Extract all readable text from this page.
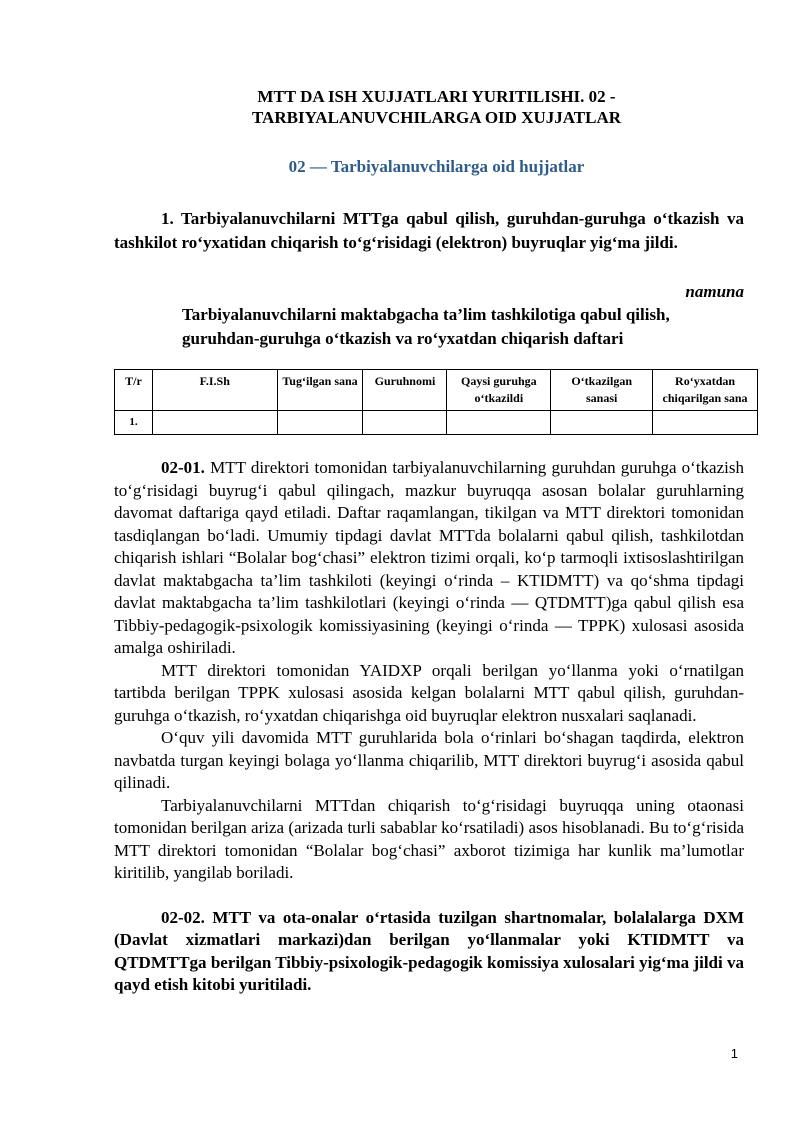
MTT DA ISH XUJJATLARI YURITILISHI. 02 -
TARBIYALANUVCHILARGA OID XUJJATLAR

02 — Tarbiyalanuvchilarga oid hujjatlar

1. Tarbiyalanuvchilarni MTTga qabul qilish, guruhdan-guruhga o‘tkazish va tashkilot ro‘yxatidan chiqarish to‘g‘risidagi (elektron) buyruqlar yig‘ma jildi.

namuna

Tarbiyalanuvchilarni maktabgacha ta’lim tashkilotiga qabul qilish,
guruhdan-guruhga o‘tkazish va ro‘yxatdan chiqarish daftari

T/r	F.I.Sh	Tug‘ilgan sana	Guruhnomi	Qaysi guruhga o‘tkazildi	O‘tkazilgan sanasi	Ro‘yxatdan chiqarilgan sana
1.						

02-01. MTT direktori tomonidan tarbiyalanuvchilarning guruhdan guruhga o‘tkazish to‘g‘risidagi buyrug‘i qabul qilingach, mazkur buyruqqa asosan bolalar guruhlarning davomat daftariga qayd etiladi. Daftar raqamlangan, tikilgan va MTT direktori tomonidan tasdiqlangan bo‘ladi. Umumiy tipdagi davlat MTTda bolalarni qabul qilish, tashkilotdan chiqarish ishlari “Bolalar bog‘chasi” elektron tizimi orqali, ko‘p tarmoqli ixtisoslashtirilgan davlat maktabgacha ta’lim tashkiloti (keyingi o‘rinda – KTIDMTT) va qo‘shma tipdagi davlat maktabgacha ta’lim tashkilotlari (keyingi o‘rinda — QTDMTT)ga qabul qilish esa Tibbiy-pedagogik-psixologik komissiyasining (keyingi o‘rinda — TPPK) xulosasi asosida amalga oshiriladi.

MTT direktori tomonidan YAIDXP orqali berilgan yo‘llanma yoki o‘rnatilgan tartibda berilgan TPPK xulosasi asosida kelgan bolalarni MTT qabul qilish, guruhdan-guruhga o‘tkazish, ro‘yxatdan chiqarishga oid buyruqlar elektron nusxalari saqlanadi.

O‘quv yili davomida MTT guruhlarida bola o‘rinlari bo‘shagan taqdirda, elektron navbatda turgan keyingi bolaga yo‘llanma chiqarilib, MTT direktori buyrug‘i asosida qabul qilinadi.

Tarbiyalanuvchilarni MTTdan chiqarish to‘g‘risidagi buyruqqa uning otaonasi tomonidan berilgan ariza (arizada turli sabablar ko‘rsatiladi) asos hisoblanadi. Bu to‘g‘risida MTT direktori tomonidan “Bolalar bog‘chasi” axborot tizimiga har kunlik ma’lumotlar kiritilib, yangilab boriladi.

02-02. MTT va ota-onalar o‘rtasida tuzilgan shartnomalar, bolalalarga DXM (Davlat xizmatlari markazi)dan berilgan yo‘llanmalar yoki KTIDMTT va QTDMTTga berilgan Tibbiy-psixologik-pedagogik komissiya xulosalari yig‘ma jildi va qayd etish kitobi yuritiladi.

1
